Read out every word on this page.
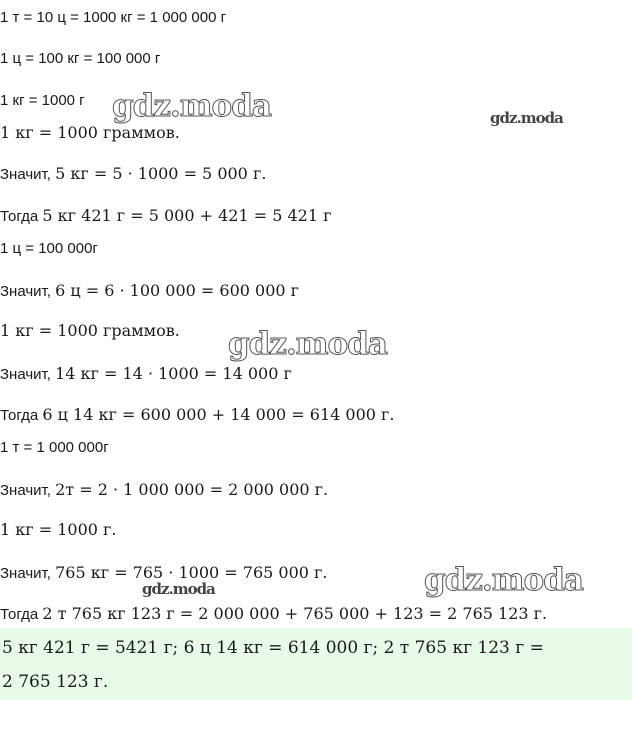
1 т = 10 ц = 1000 кг = 1 000 000 г
1 ц = 100 кг = 100 000 г
1 кг = 1000 г
1 кг = 1000 граммов.
Значит, 5 кг = 5 · 1000 = 5 000 г.
Тогда 5 кг 421 г = 5 000 + 421 = 5 421 г
1 ц = 100 000г
Значит, 6 ц = 6 · 100 000 = 600 000 г
1 кг = 1000 граммов.
Значит, 14 кг = 14 · 1000 = 14 000 г
Тогда 6 ц 14 кг = 600 000 + 14 000 = 614 000 г.
1 т = 1 000 000г
Значит, 2т = 2 · 1 000 000 = 2 000 000 г.
1 кг = 1000 г.
Значит, 765 кг = 765 · 1000 = 765 000 г.
Тогда 2 т 765 кг 123 г = 2 000 000 + 765 000 + 123 = 2 765 123 г.
5 кг 421 г = 5421 г; 6 ц 14 кг = 614 000 г; 2 т 765 кг 123 г =
2 765 123 г.
gdz.moda	gdz.moda
gdz.moda
gdz.moda
gdz.moda
